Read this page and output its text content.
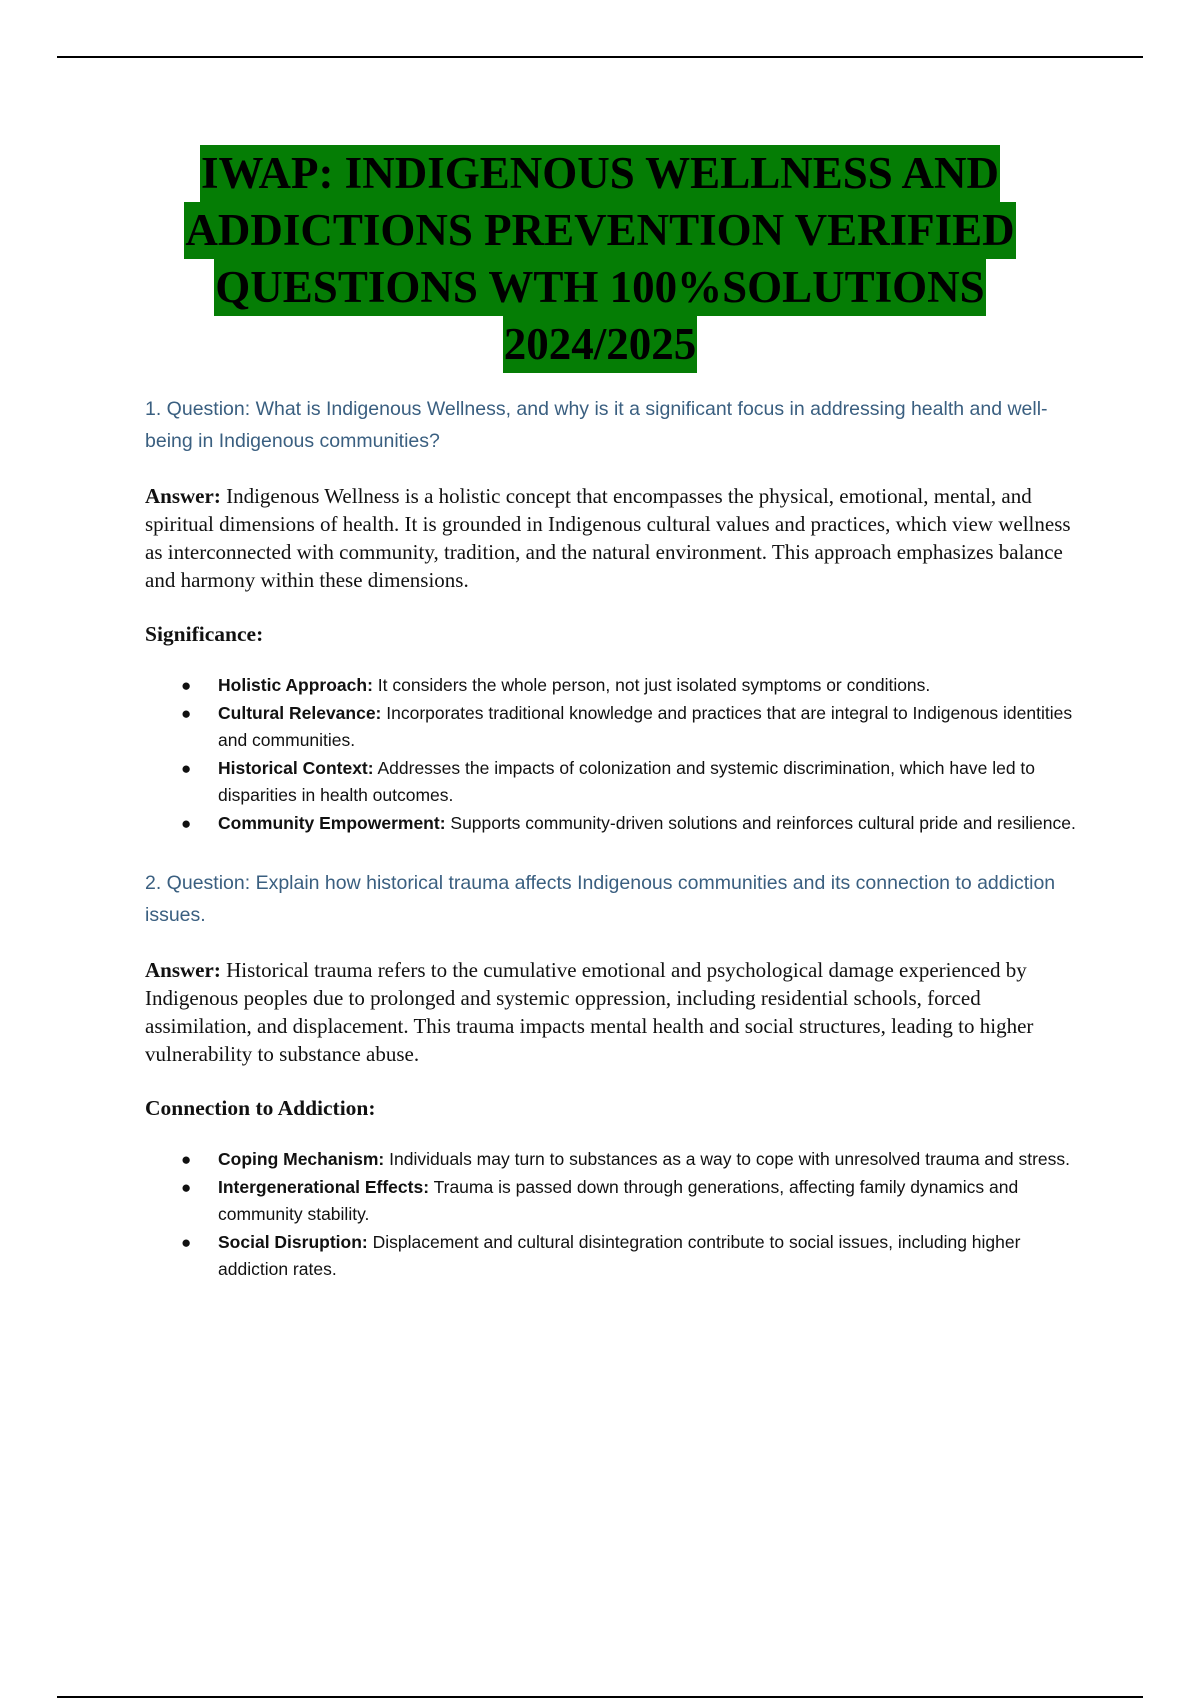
IWAP: INDIGENOUS WELLNESS AND
ADDICTIONS PREVENTION VERIFIED
QUESTIONS WTH 100%SOLUTIONS
2024/2025

1. Question: What is Indigenous Wellness, and why is it a significant focus in addressing health and well-being in Indigenous communities?

Answer: Indigenous Wellness is a holistic concept that encompasses the physical, emotional, mental, and spiritual dimensions of health. It is grounded in Indigenous cultural values and practices, which view wellness as interconnected with community, tradition, and the natural environment. This approach emphasizes balance and harmony within these dimensions.

Significance:

● Holistic Approach: It considers the whole person, not just isolated symptoms or conditions.
● Cultural Relevance: Incorporates traditional knowledge and practices that are integral to Indigenous identities and communities.
● Historical Context: Addresses the impacts of colonization and systemic discrimination, which have led to disparities in health outcomes.
● Community Empowerment: Supports community-driven solutions and reinforces cultural pride and resilience.

2. Question: Explain how historical trauma affects Indigenous communities and its connection to addiction issues.

Answer: Historical trauma refers to the cumulative emotional and psychological damage experienced by Indigenous peoples due to prolonged and systemic oppression, including residential schools, forced assimilation, and displacement. This trauma impacts mental health and social structures, leading to higher vulnerability to substance abuse.

Connection to Addiction:

● Coping Mechanism: Individuals may turn to substances as a way to cope with unresolved trauma and stress.
● Intergenerational Effects: Trauma is passed down through generations, affecting family dynamics and community stability.
● Social Disruption: Displacement and cultural disintegration contribute to social issues, including higher addiction rates.
